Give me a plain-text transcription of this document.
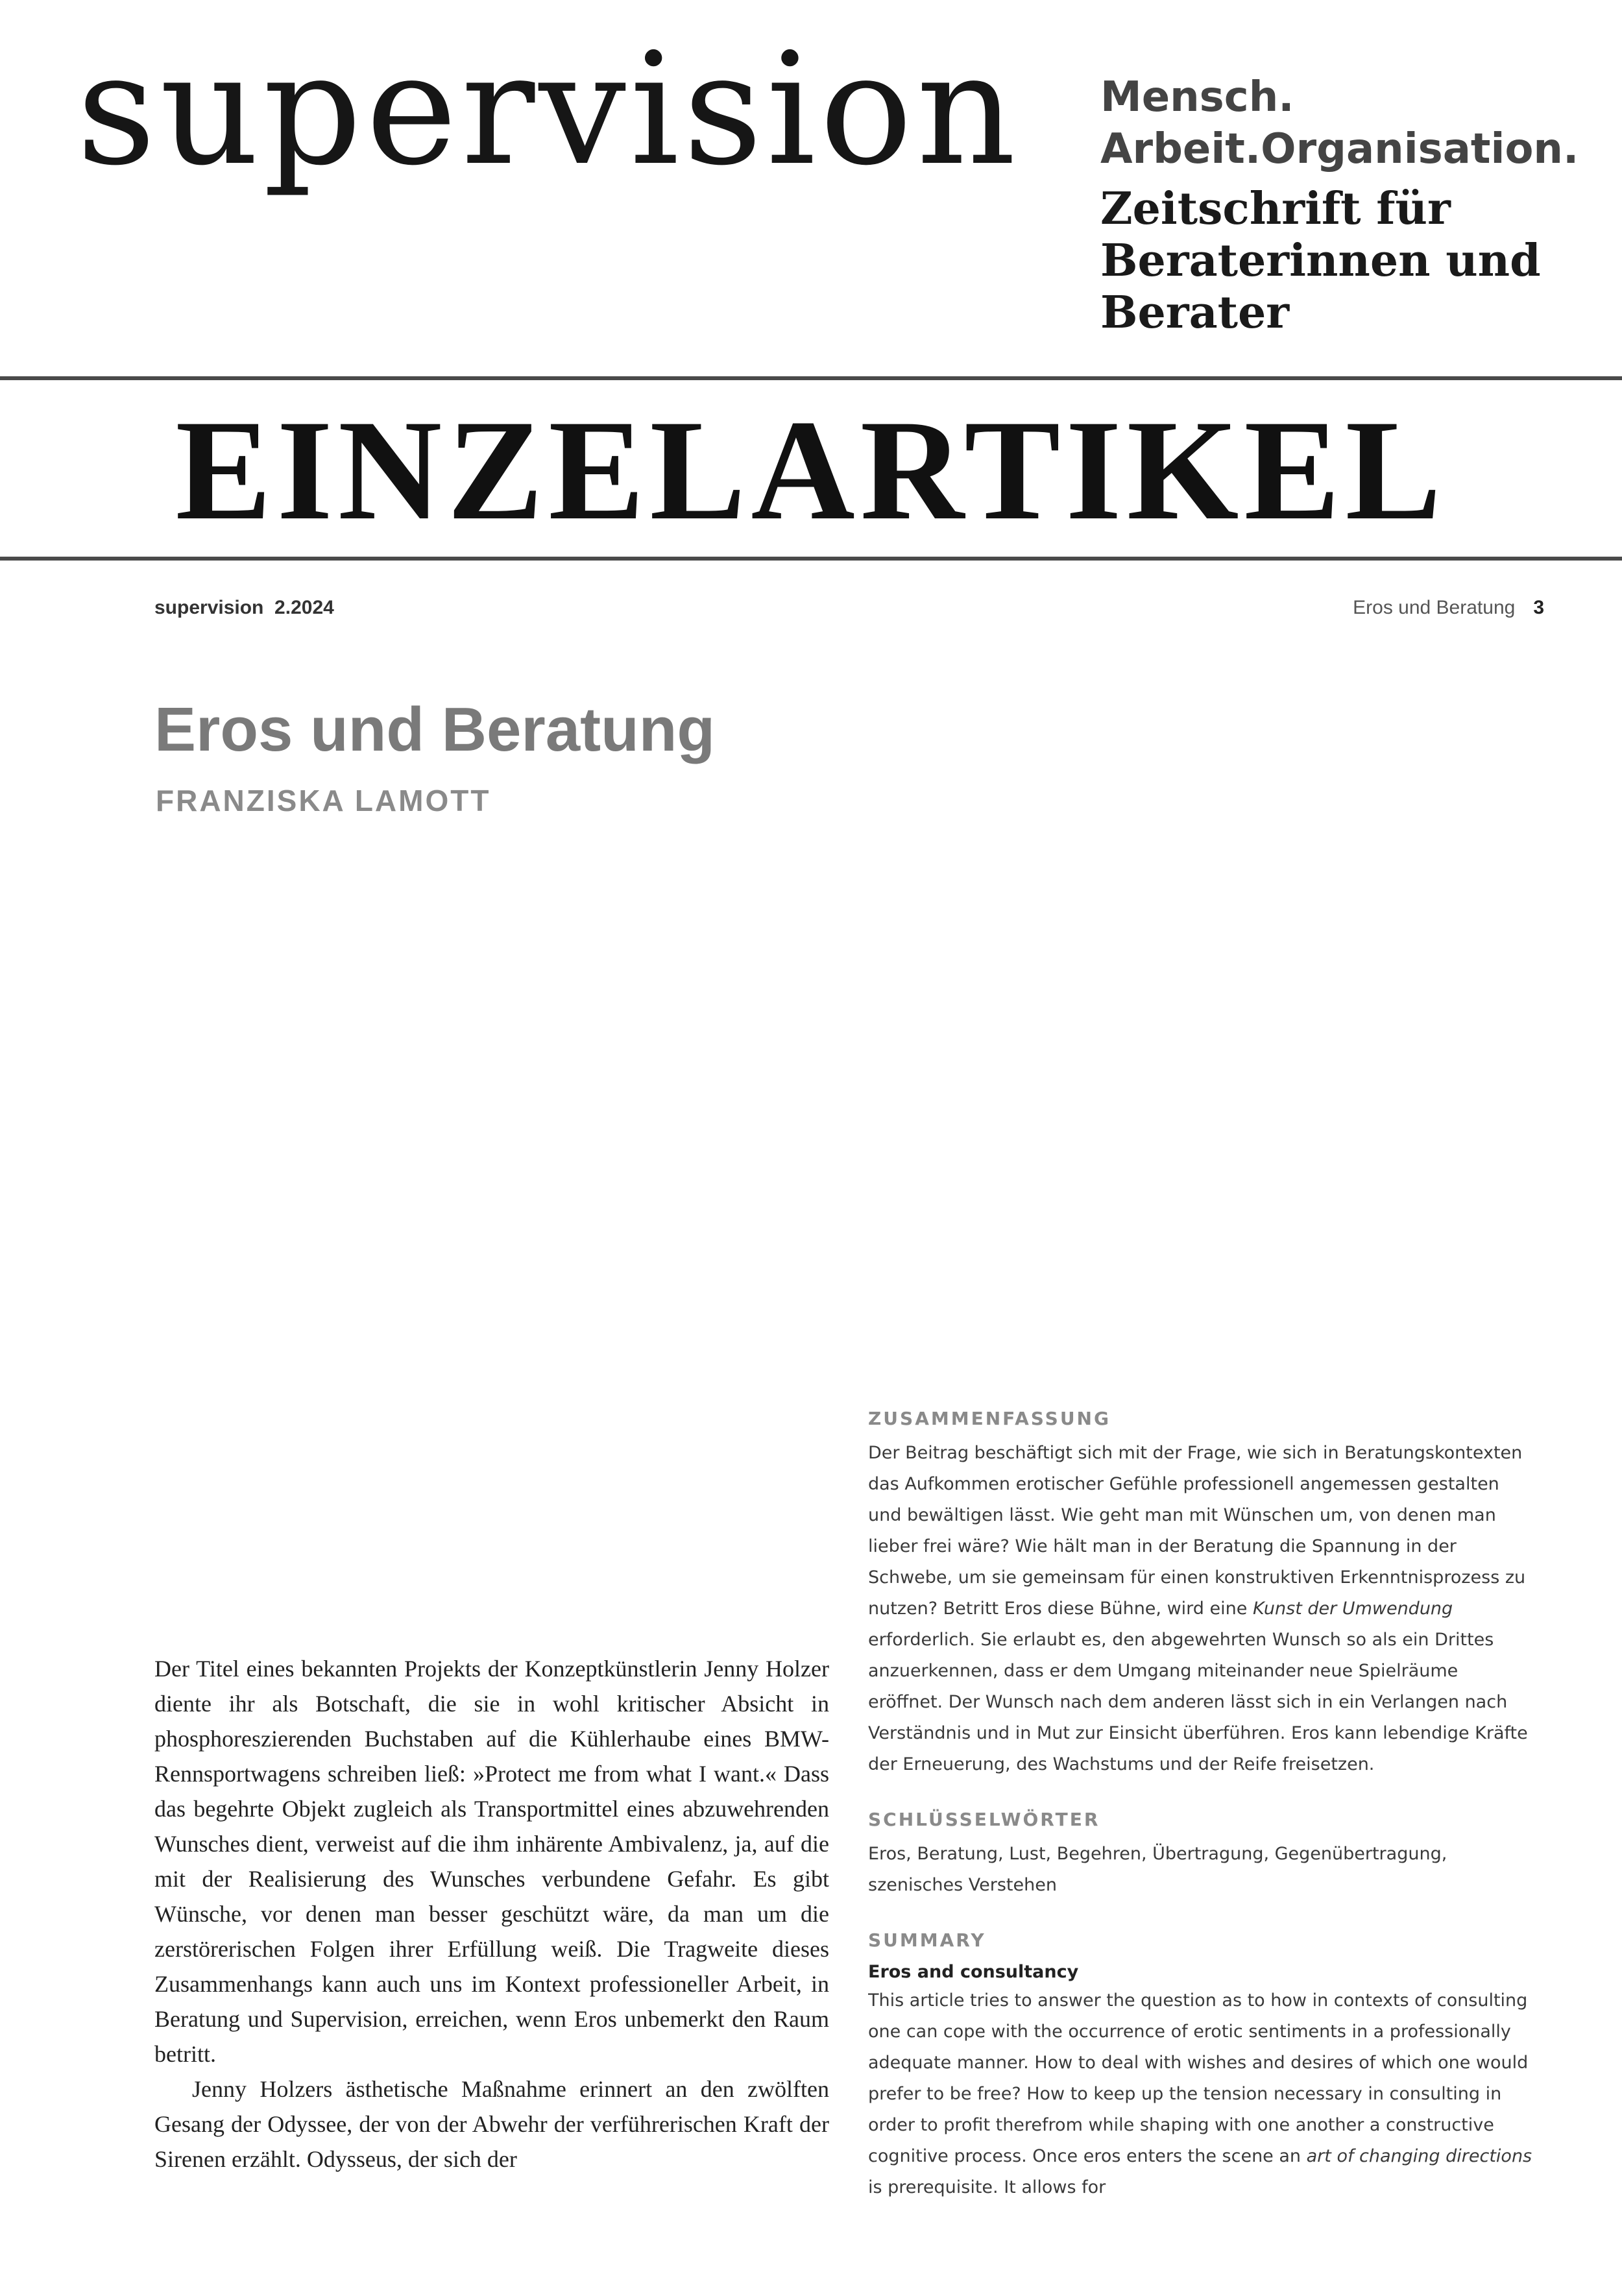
supervision Mensch.
Arbeit.Organisation.
Zeitschrift für
Beraterinnen und
Berater
EINZELARTIKEL
supervision  2.2024	Eros und Beratung 3
Eros und Beratung
FRANZISKA LAMOTT

Der Titel eines bekannten Projekts der Konzeptkünstlerin Jenny Holzer diente ihr als Botschaft, die sie in wohl kritischer Absicht in phosphoreszierenden Buchstaben auf die Kühlerhaube eines BMW- Rennsportwagens schreiben ließ: »Protect me from what I want.« Dass das begehrte Objekt zugleich als Transportmittel eines abzuwehrenden Wunsches dient, verweist auf die ihm inhärente Ambivalenz, ja, auf die mit der Realisierung des Wunsches verbundene Gefahr. Es gibt Wünsche, vor denen man besser geschützt wäre, da man um die zerstörerischen Folgen ihrer Erfüllung weiß. Die Tragweite dieses Zusammenhangs kann auch uns im Kontext professioneller Arbeit, in Beratung und Supervision, erreichen, wenn Eros unbemerkt den Raum betritt.

Jenny Holzers ästhetische Maßnahme erinnert an den zwölften Gesang der Odyssee, der von der Abwehr der verführerischen Kraft der Sirenen erzählt. Odysseus, der sich der

ZUSAMMENFASSUNG

Der Beitrag beschäftigt sich mit der Frage, wie sich in Beratungskontexten das Aufkommen erotischer Gefühle professionell angemessen gestalten und bewältigen lässt. Wie geht man mit Wünschen um, von denen man lieber frei wäre? Wie hält man in der Beratung die Spannung in der Schwebe, um sie gemeinsam für einen konstruktiven Erkenntnisprozess zu nutzen? Betritt Eros diese Bühne, wird eine Kunst der Umwendung erforderlich. Sie erlaubt es, den abgewehrten Wunsch so als ein Drittes anzuerkennen, dass er dem Umgang miteinander neue Spielräume eröffnet. Der Wunsch nach dem anderen lässt sich in ein Verlangen nach Verständnis und in Mut zur Einsicht überführen. Eros kann lebendige Kräfte der Erneuerung, des Wachstums und der Reife freisetzen.

SCHLÜSSELWÖRTER

Eros, Beratung, Lust, Begehren, Übertragung, Gegenübertragung, szenisches Verstehen

SUMMARY

Eros and consultancy

This article tries to answer the question as to how in contexts of consulting one can cope with the occurrence of erotic sentiments in a professionally adequate manner. How to deal with wishes and desires of which one would prefer to be free? How to keep up the tension necessary in consulting in order to profit therefrom while shaping with one another a constructive cognitive process. Once eros enters the scene an art of changing directions is prerequisite. It allows for
